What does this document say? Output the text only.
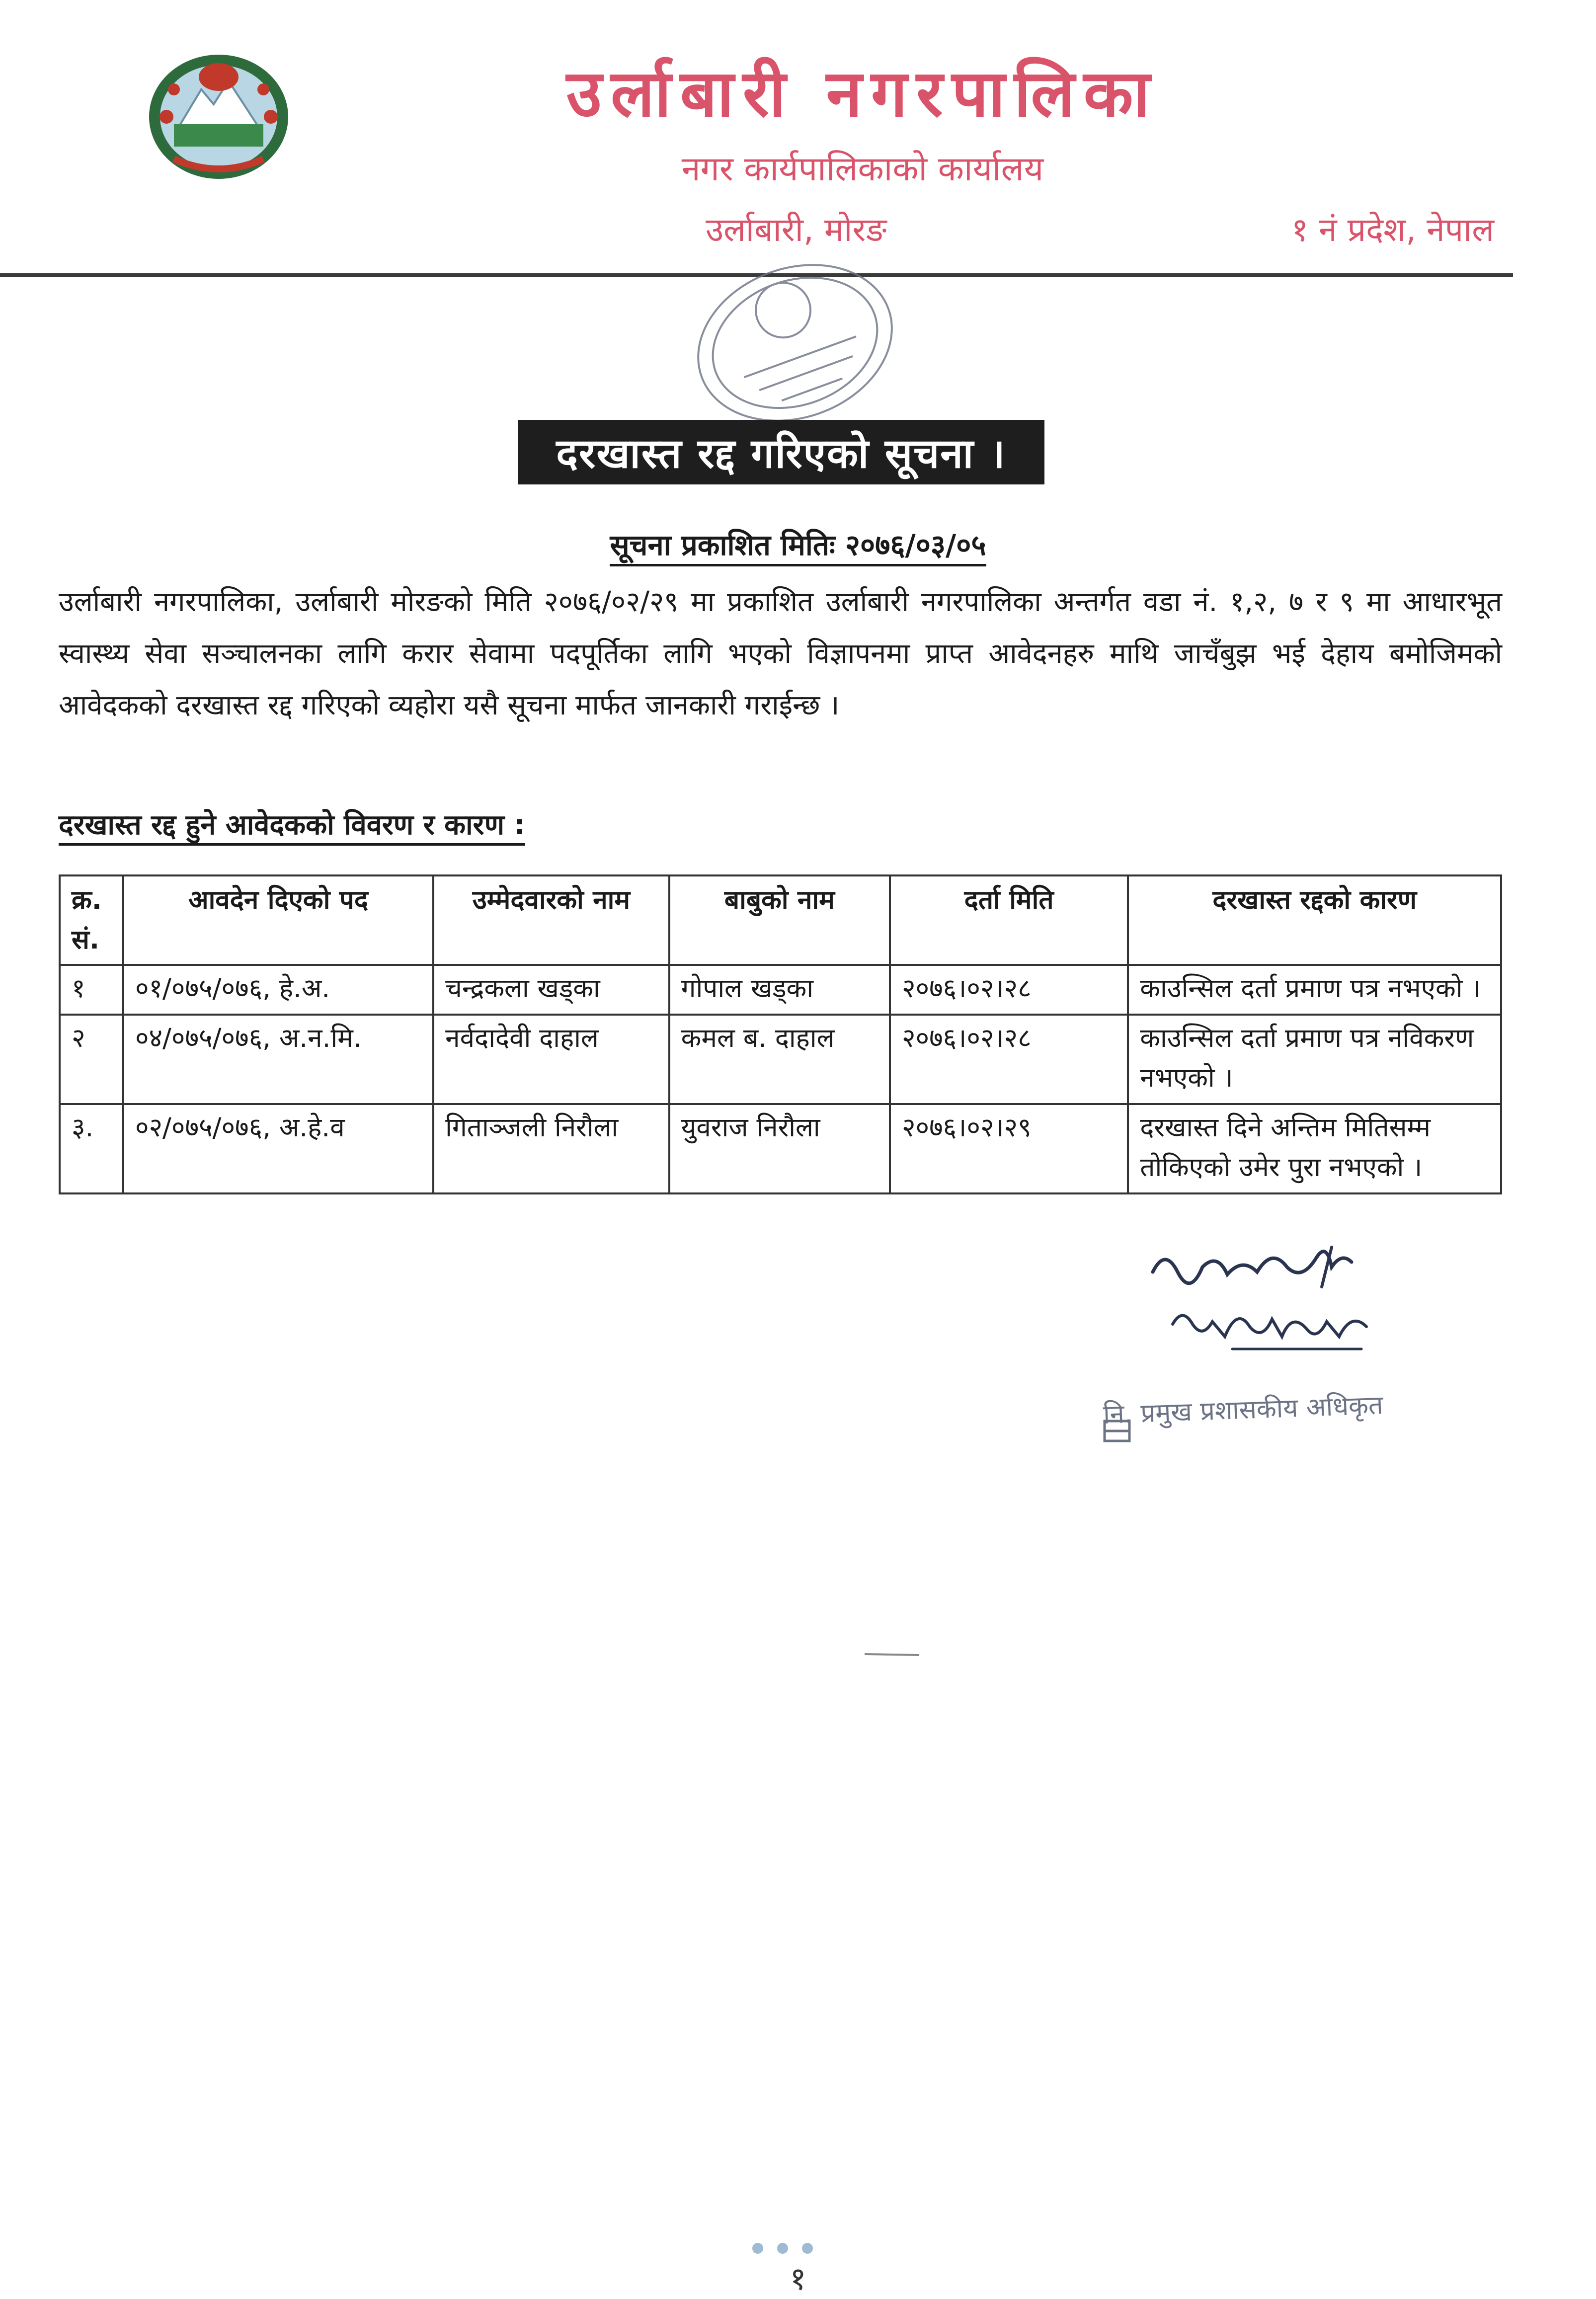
उर्लाबारी नगरपालिका
नगर कार्यपालिकाको कार्यालय
उर्लाबारी, मोरङ	१ नं प्रदेश, नेपाल
दरखास्त रद्द गरिएको सूचना ।
सूचना प्रकाशित मितिः २०७६/०३/०५
उर्लाबारी नगरपालिका, उर्लाबारी मोरङको मिति २०७६/०२/२९ मा प्रकाशित उर्लाबारी नगरपालिका अन्तर्गत वडा नं. १,२, ७ र ९ मा आधारभूत स्वास्थ्य सेवा सञ्चालनका लागि करार सेवामा पदपूर्तिका लागि भएको विज्ञापनमा प्राप्त आवेदनहरु माथि जाचँबुझ भई देहाय बमोजिमको आवेदकको दरखास्त रद्द गरिएको व्यहोरा यसै सूचना मार्फत जानकारी गराईन्छ ।
दरखास्त रद्द हुने आवेदकको विवरण र कारण :
क्र. सं.	आवदेन दिएको पद	उम्मेदवारको नाम	बाबुको नाम	दर्ता मिति	दरखास्त रद्दको कारण
१	०१/०७५/०७६, हे.अ.	चन्द्रकला खड्का	गोपाल खड्का	२०७६।०२।२८	काउन्सिल दर्ता प्रमाण पत्र नभएको ।
२	०४/०७५/०७६, अ.न.मि.	नर्वदादेवी दाहाल	कमल ब. दाहाल	२०७६।०२।२८	काउन्सिल दर्ता प्रमाण पत्र नविकरण नभएको ।
३.	०२/०७५/०७६, अ.हे.व	गिताञ्जली निरौला	युवराज निरौला	२०७६।०२।२९	दरखास्त दिने अन्तिम मितिसम्म तोकिएको उमेर पुरा नभएको ।
नि. प्रमुख प्रशासकीय अधिकृत
१
